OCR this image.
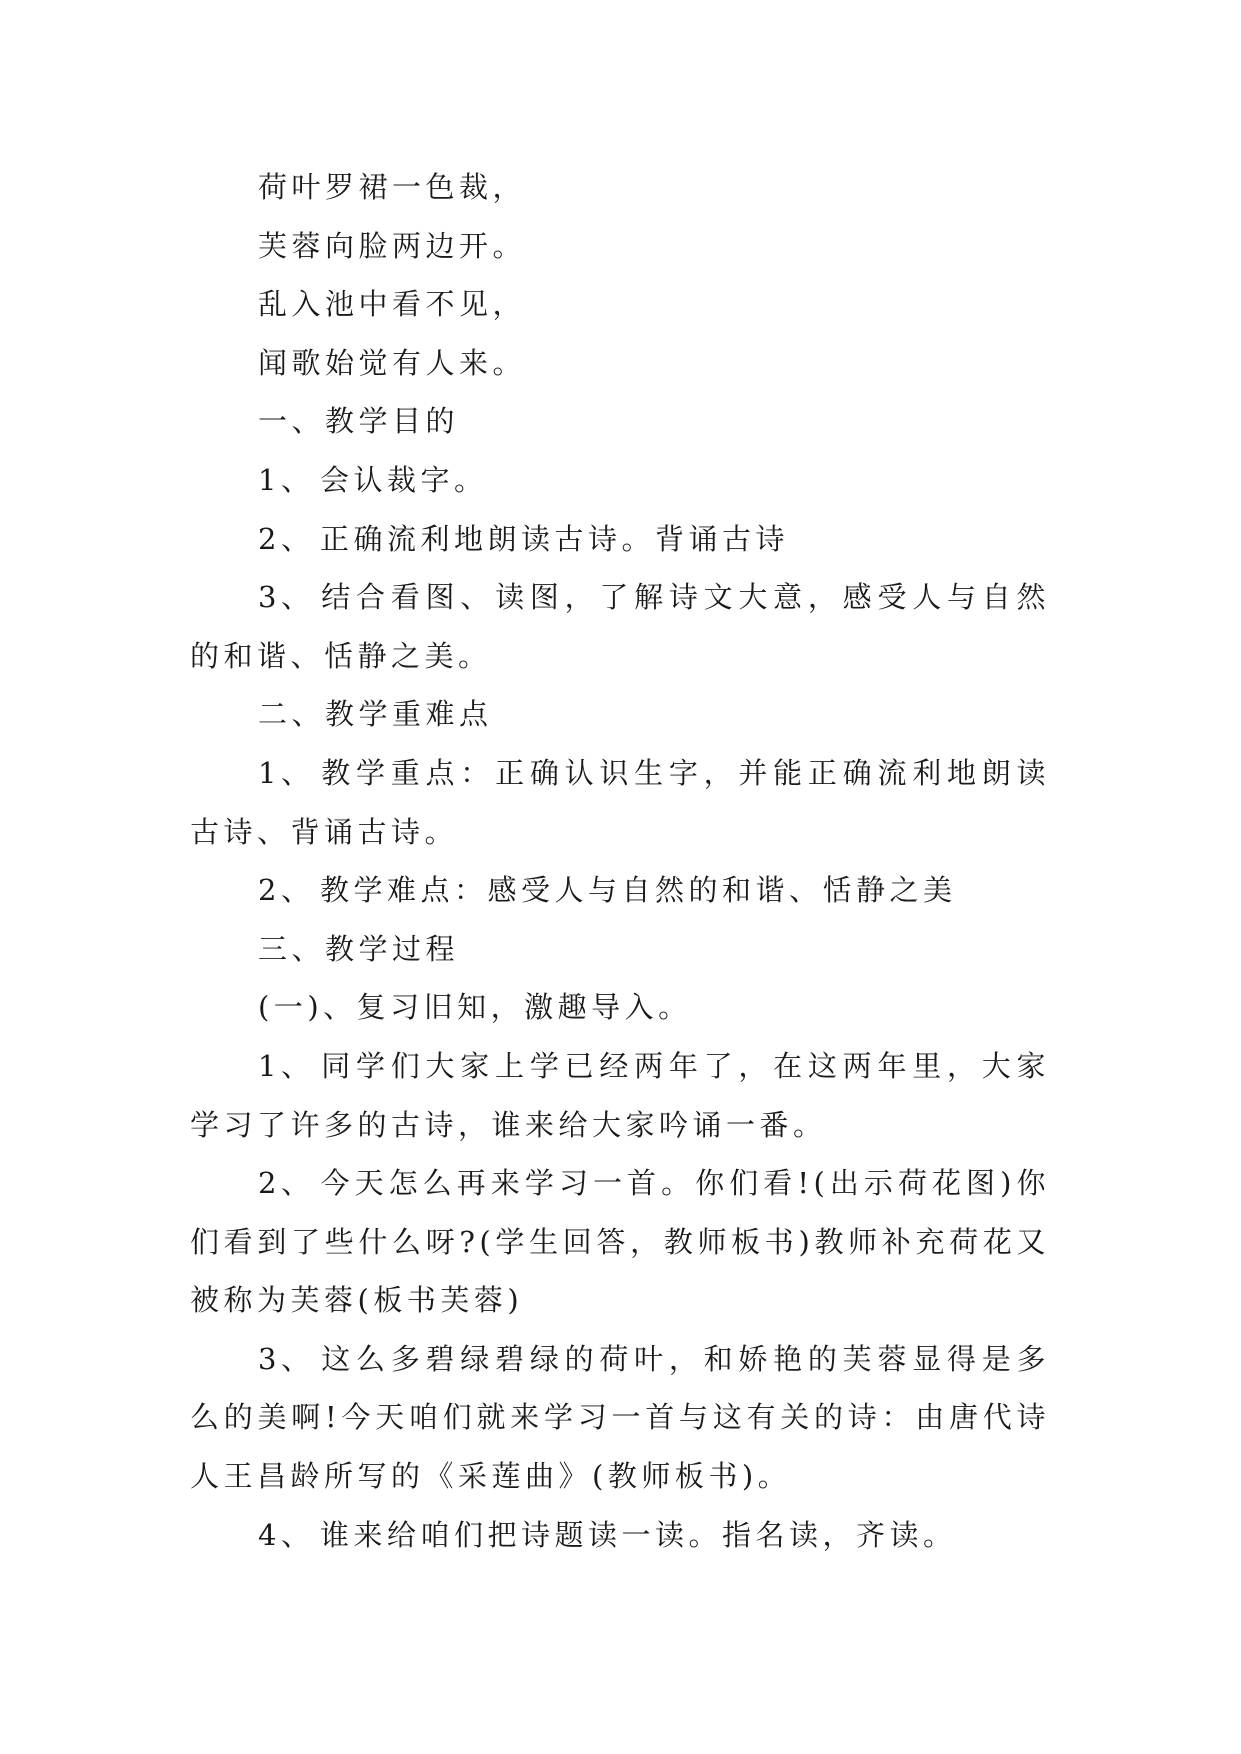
荷叶罗裙一色裁，

芙蓉向脸两边开。

乱入池中看不见，

闻歌始觉有人来。

一、教学目的

1、 会认裁字。

2、 正确流利地朗读古诗。背诵古诗

3、 结合看图、读图，了解诗文大意，感受人与自然的和谐、恬静之美。

二、教学重难点

1、 教学重点：正确认识生字，并能正确流利地朗读古诗、背诵古诗。

2、 教学难点：感受人与自然的和谐、恬静之美

三、教学过程

(一)、复习旧知，激趣导入。

1、 同学们大家上学已经两年了，在这两年里，大家学习了许多的古诗，谁来给大家吟诵一番。

2、 今天怎么再来学习一首。你们看!(出示荷花图)你们看到了些什么呀?(学生回答，教师板书)教师补充荷花又被称为芙蓉(板书芙蓉)

3、 这么多碧绿碧绿的荷叶，和娇艳的芙蓉显得是多么的美啊!今天咱们就来学习一首与这有关的诗：由唐代诗人王昌龄所写的《采莲曲》(教师板书)。

4、 谁来给咱们把诗题读一读。指名读，齐读。
